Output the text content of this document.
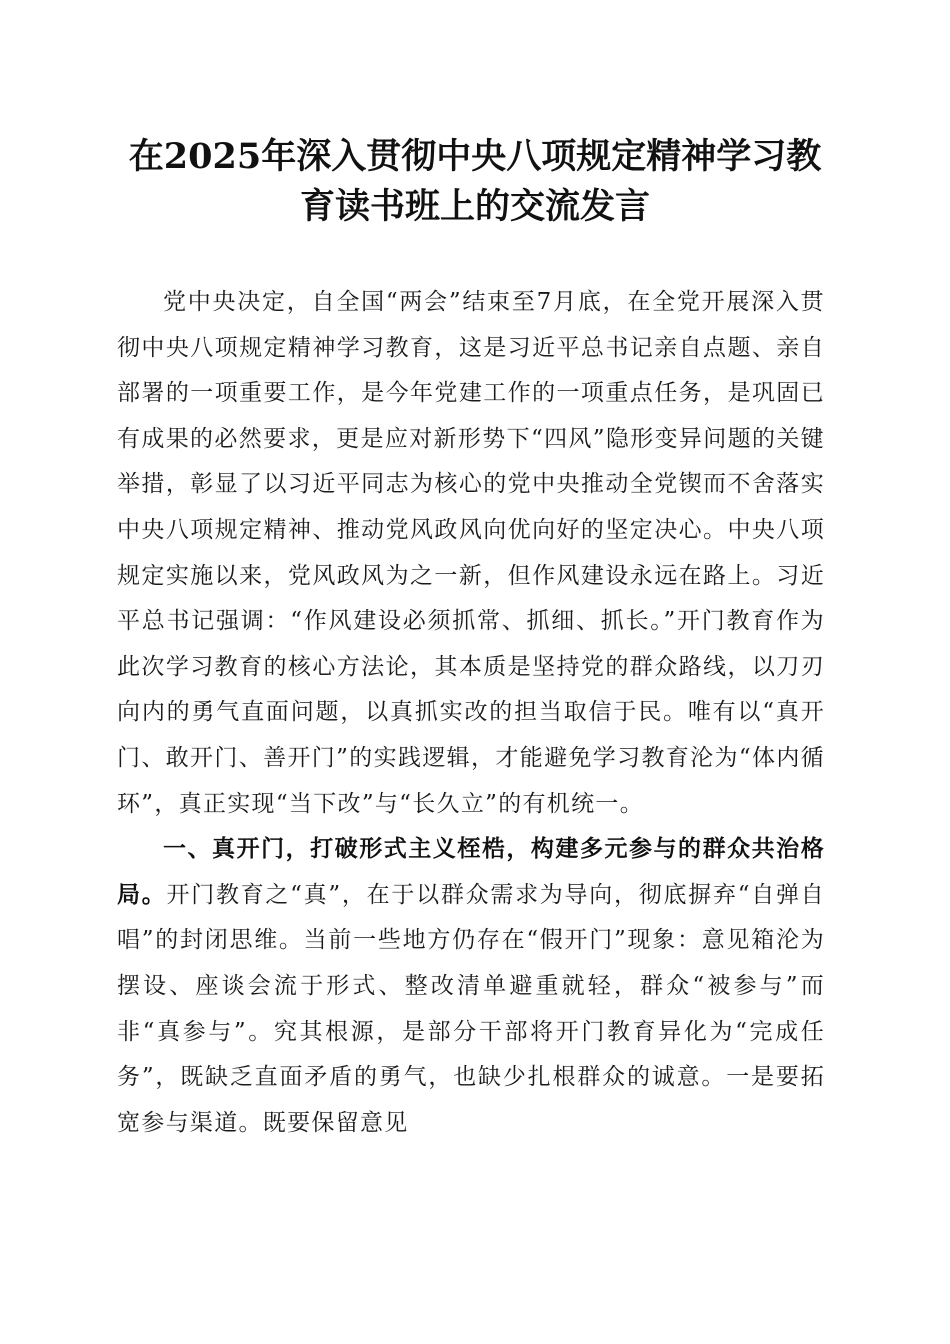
在2025年深入贯彻中央八项规定精神学习教育读书班上的交流发言

党中央决定，自全国“两会”结束至7月底，在全党开展深入贯彻中央八项规定精神学习教育，这是习近平总书记亲自点题、亲自部署的一项重要工作，是今年党建工作的一项重点任务，是巩固已有成果的必然要求，更是应对新形势下“四风”隐形变异问题的关键举措，彰显了以习近平同志为核心的党中央推动全党锲而不舍落实中央八项规定精神、推动党风政风向优向好的坚定决心。中央八项规定实施以来，党风政风为之一新，但作风建设永远在路上。习近平总书记强调：“作风建设必须抓常、抓细、抓长。”开门教育作为此次学习教育的核心方法论，其本质是坚持党的群众路线，以刀刃向内的勇气直面问题，以真抓实改的担当取信于民。唯有以“真开门、敢开门、善开门”的实践逻辑，才能避免学习教育沦为“体内循环”，真正实现“当下改”与“长久立”的有机统一。

一、真开门，打破形式主义桎梏，构建多元参与的群众共治格局。开门教育之“真”，在于以群众需求为导向，彻底摒弃“自弹自唱”的封闭思维。当前一些地方仍存在“假开门”现象：意见箱沦为摆设、座谈会流于形式、整改清单避重就轻，群众“被参与”而非“真参与”。究其根源，是部分干部将开门教育异化为“完成任务”，既缺乏直面矛盾的勇气，也缺少扎根群众的诚意。一是要拓宽参与渠道。既要保留意见
